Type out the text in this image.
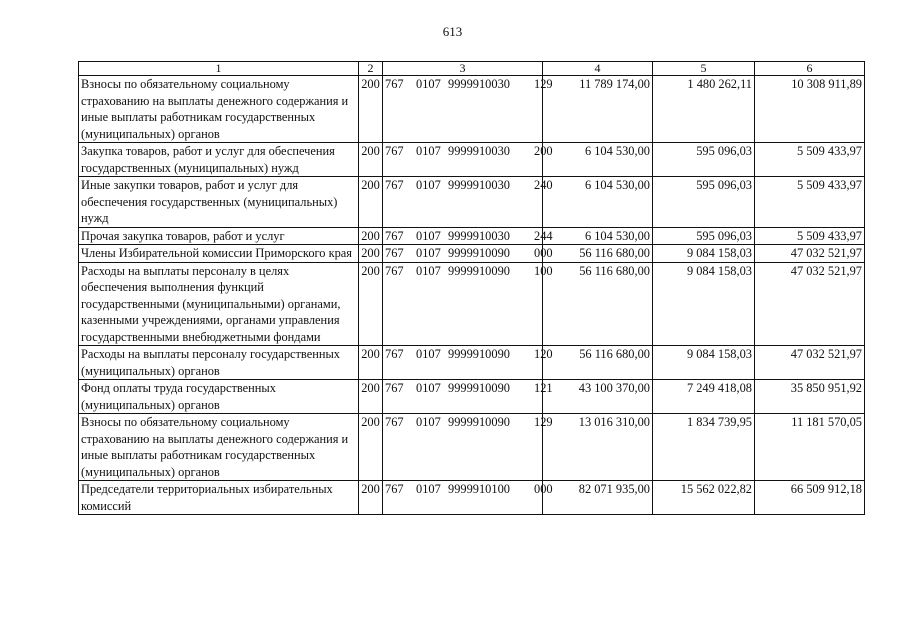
613
1	2	3	4	5	6
Взносы по обязательному социальному страхованию на выплаты денежного содержания и иные выплаты работникам государственных (муниципальных) органов	200	767 0107 9999910030 129	11 789 174,00	1 480 262,11	10 308 911,89
Закупка товаров, работ и услуг для обеспечения государственных (муниципальных) нужд	200	767 0107 9999910030 200	6 104 530,00	595 096,03	5 509 433,97
Иные закупки товаров, работ и услуг для обеспечения государственных (муниципальных) нужд	200	767 0107 9999910030 240	6 104 530,00	595 096,03	5 509 433,97
Прочая закупка товаров, работ и услуг	200	767 0107 9999910030 244	6 104 530,00	595 096,03	5 509 433,97
Члены Избирательной комиссии Приморского края	200	767 0107 9999910090 000	56 116 680,00	9 084 158,03	47 032 521,97
Расходы на выплаты персоналу в целях обеспечения выполнения функций государственными (муниципальными) органами, казенными учреждениями, органами управления государственными внебюджетными фондами	200	767 0107 9999910090 100	56 116 680,00	9 084 158,03	47 032 521,97
Расходы на выплаты персоналу государственных (муниципальных) органов	200	767 0107 9999910090 120	56 116 680,00	9 084 158,03	47 032 521,97
Фонд оплаты труда государственных (муниципальных) органов	200	767 0107 9999910090 121	43 100 370,00	7 249 418,08	35 850 951,92
Взносы по обязательному социальному страхованию на выплаты денежного содержания и иные выплаты работникам государственных (муниципальных) органов	200	767 0107 9999910090 129	13 016 310,00	1 834 739,95	11 181 570,05
Председатели территориальных избирательных комиссий	200	767 0107 9999910100 000	82 071 935,00	15 562 022,82	66 509 912,18
